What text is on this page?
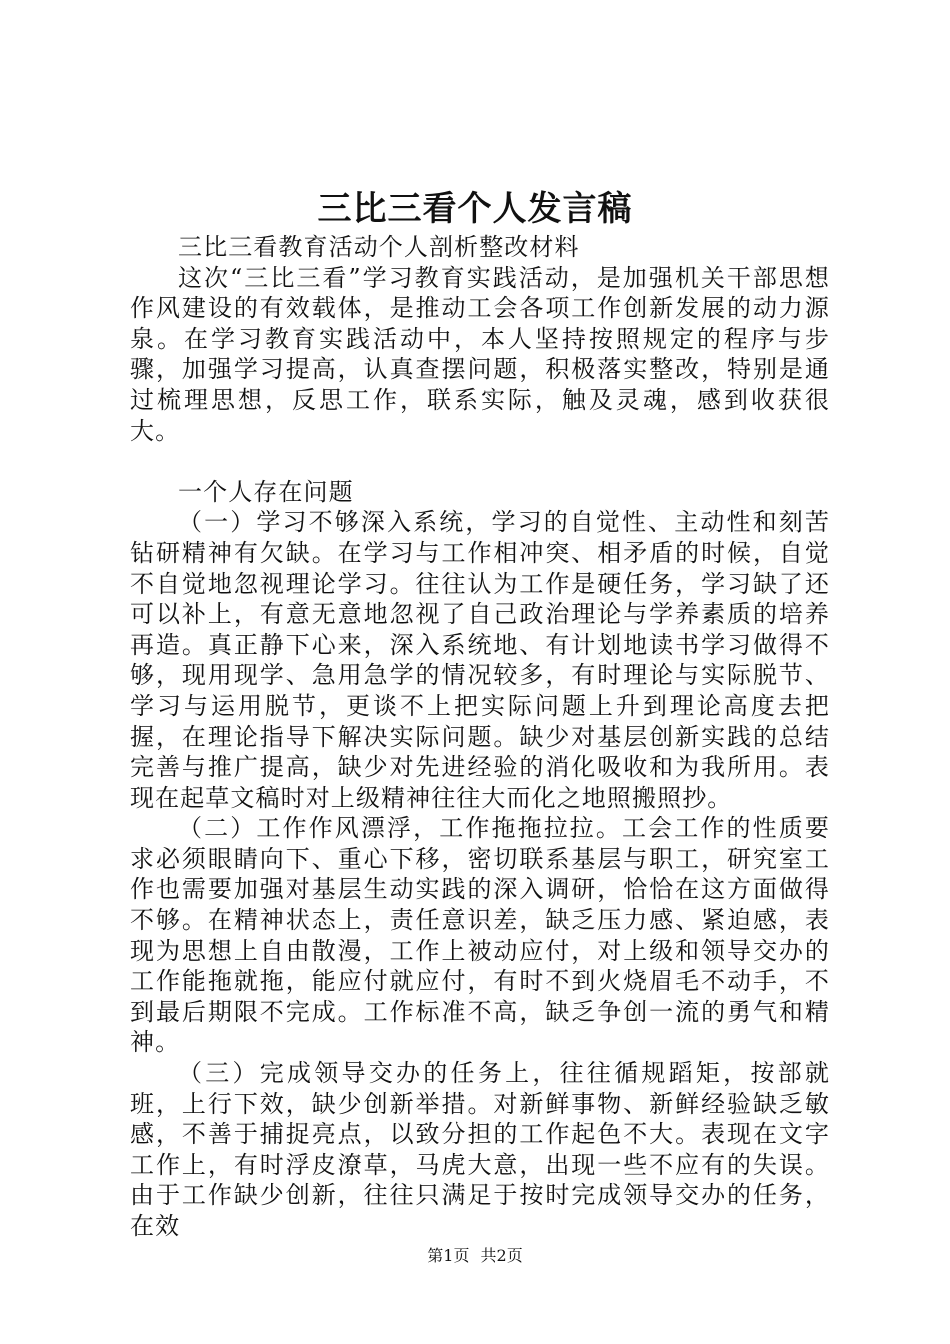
三比三看个人发言稿

三比三看教育活动个人剖析整改材料

这次“三比三看”学习教育实践活动，是加强机关干部思想作风建设的有效载体，是推动工会各项工作创新发展的动力源泉。在学习教育实践活动中，本人坚持按照规定的程序与步骤，加强学习提高，认真查摆问题，积极落实整改，特别是通过梳理思想，反思工作，联系实际，触及灵魂，感到收获很大。

一个人存在问题

（一）学习不够深入系统，学习的自觉性、主动性和刻苦钻研精神有欠缺。在学习与工作相冲突、相矛盾的时候，自觉不自觉地忽视理论学习。往往认为工作是硬任务，学习缺了还可以补上，有意无意地忽视了自己政治理论与学养素质的培养再造。真正静下心来，深入系统地、有计划地读书学习做得不够，现用现学、急用急学的情况较多，有时理论与实际脱节、学习与运用脱节，更谈不上把实际问题上升到理论高度去把握，在理论指导下解决实际问题。缺少对基层创新实践的总结完善与推广提高，缺少对先进经验的消化吸收和为我所用。表现在起草文稿时对上级精神往往大而化之地照搬照抄。

（二）工作作风漂浮，工作拖拖拉拉。工会工作的性质要求必须眼睛向下、重心下移，密切联系基层与职工，研究室工作也需要加强对基层生动实践的深入调研，恰恰在这方面做得不够。在精神状态上，责任意识差，缺乏压力感、紧迫感，表现为思想上自由散漫，工作上被动应付，对上级和领导交办的工作能拖就拖，能应付就应付，有时不到火烧眉毛不动手，不到最后期限不完成。工作标准不高，缺乏争创一流的勇气和精神。

（三）完成领导交办的任务上，往往循规蹈矩，按部就班，上行下效，缺少创新举措。对新鲜事物、新鲜经验缺乏敏感，不善于捕捉亮点，以致分担的工作起色不大。表现在文字工作上，有时浮皮潦草，马虎大意，出现一些不应有的失误。由于工作缺少创新，往往只满足于按时完成领导交办的任务，在效

第1页 共2页
